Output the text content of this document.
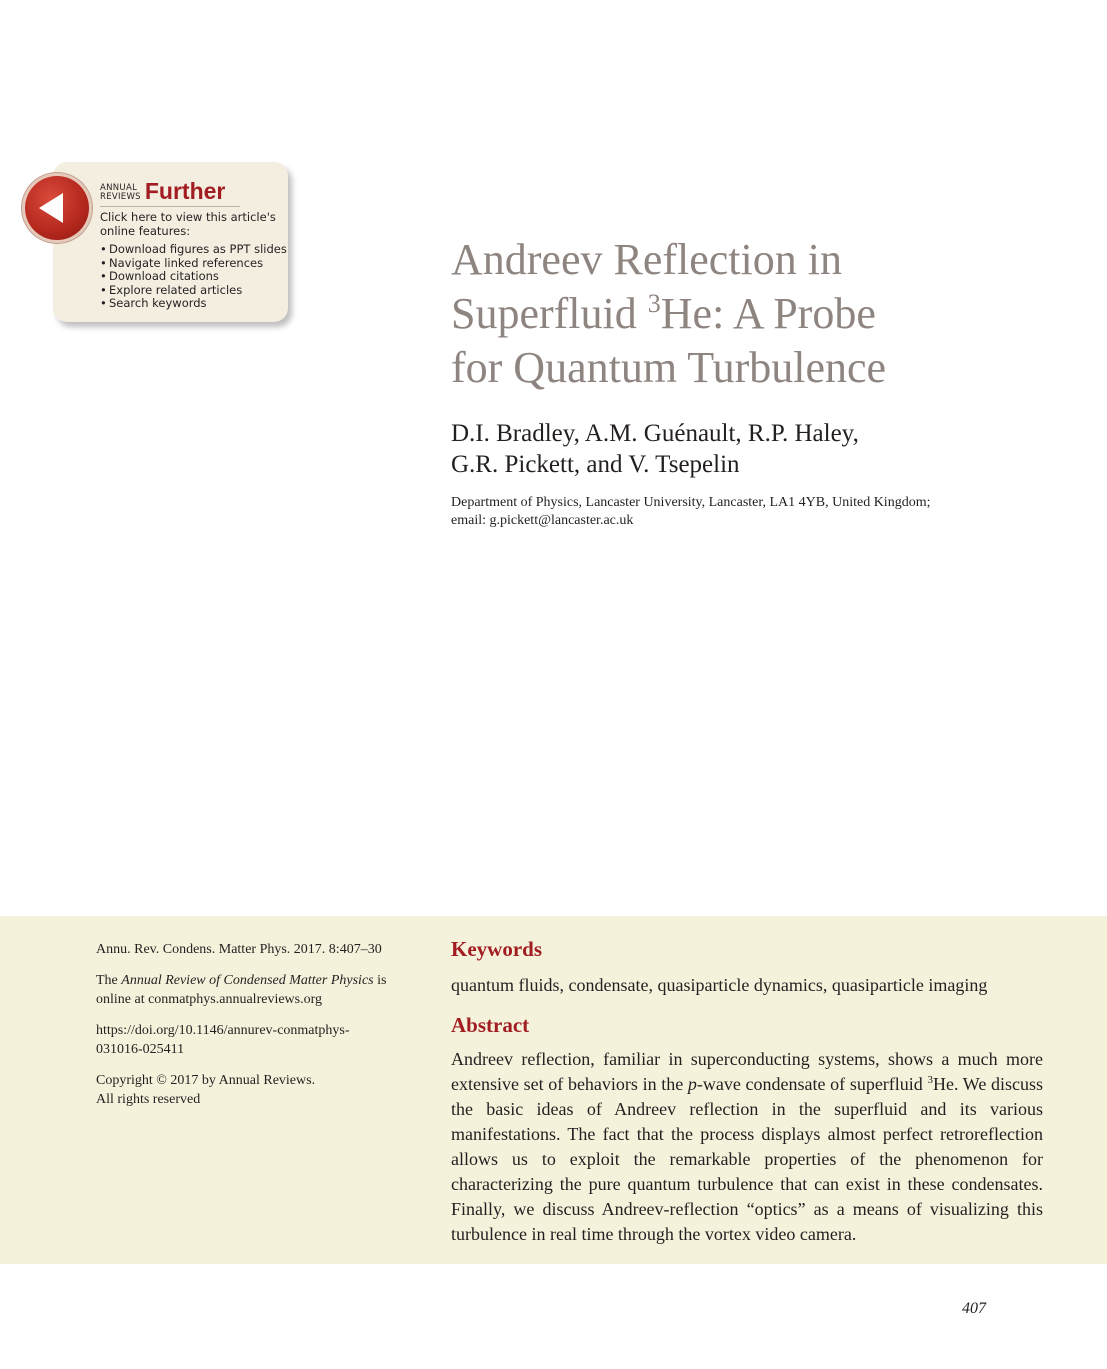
ANNUAL
REVIEWS Further
Click here to view this article's online features:
• Download figures as PPT slides
• Navigate linked references
• Download citations
• Explore related articles
• Search keywords
Andreev Reflection in
Superfluid $^3$He: A Probe
for Quantum Turbulence
D.I. Bradley, A.M. Guénault, R.P. Haley,
G.R. Pickett, and V. Tsepelin
Department of Physics, Lancaster University, Lancaster, LA1 4YB, United Kingdom;
email: g.pickett@lancaster.ac.uk

Annu. Rev. Condens. Matter Phys. 2017. 8:407–30

The Annual Review of Condensed Matter Physics is online at conmatphys.annualreviews.org

https://doi.org/10.1146/annurev-conmatphys-
031016-025411

Copyright © 2017 by Annual Reviews.
All rights reserved

Keywords
quantum fluids, condensate, quasiparticle dynamics, quasiparticle imaging
Abstract

Andreev reflection, familiar in superconducting systems, shows a much more extensive set of behaviors in the p-wave condensate of superfluid $^3$He. We discuss the basic ideas of Andreev reflection in the superfluid and its various manifestations. The fact that the process displays almost perfect retroreflection allows us to exploit the remarkable properties of the phenomenon for characterizing the pure quantum turbulence that can exist in these condensates. Finally, we discuss Andreev-reflection “optics” as a means of visualizing this turbulence in real time through the vortex video camera.

407
